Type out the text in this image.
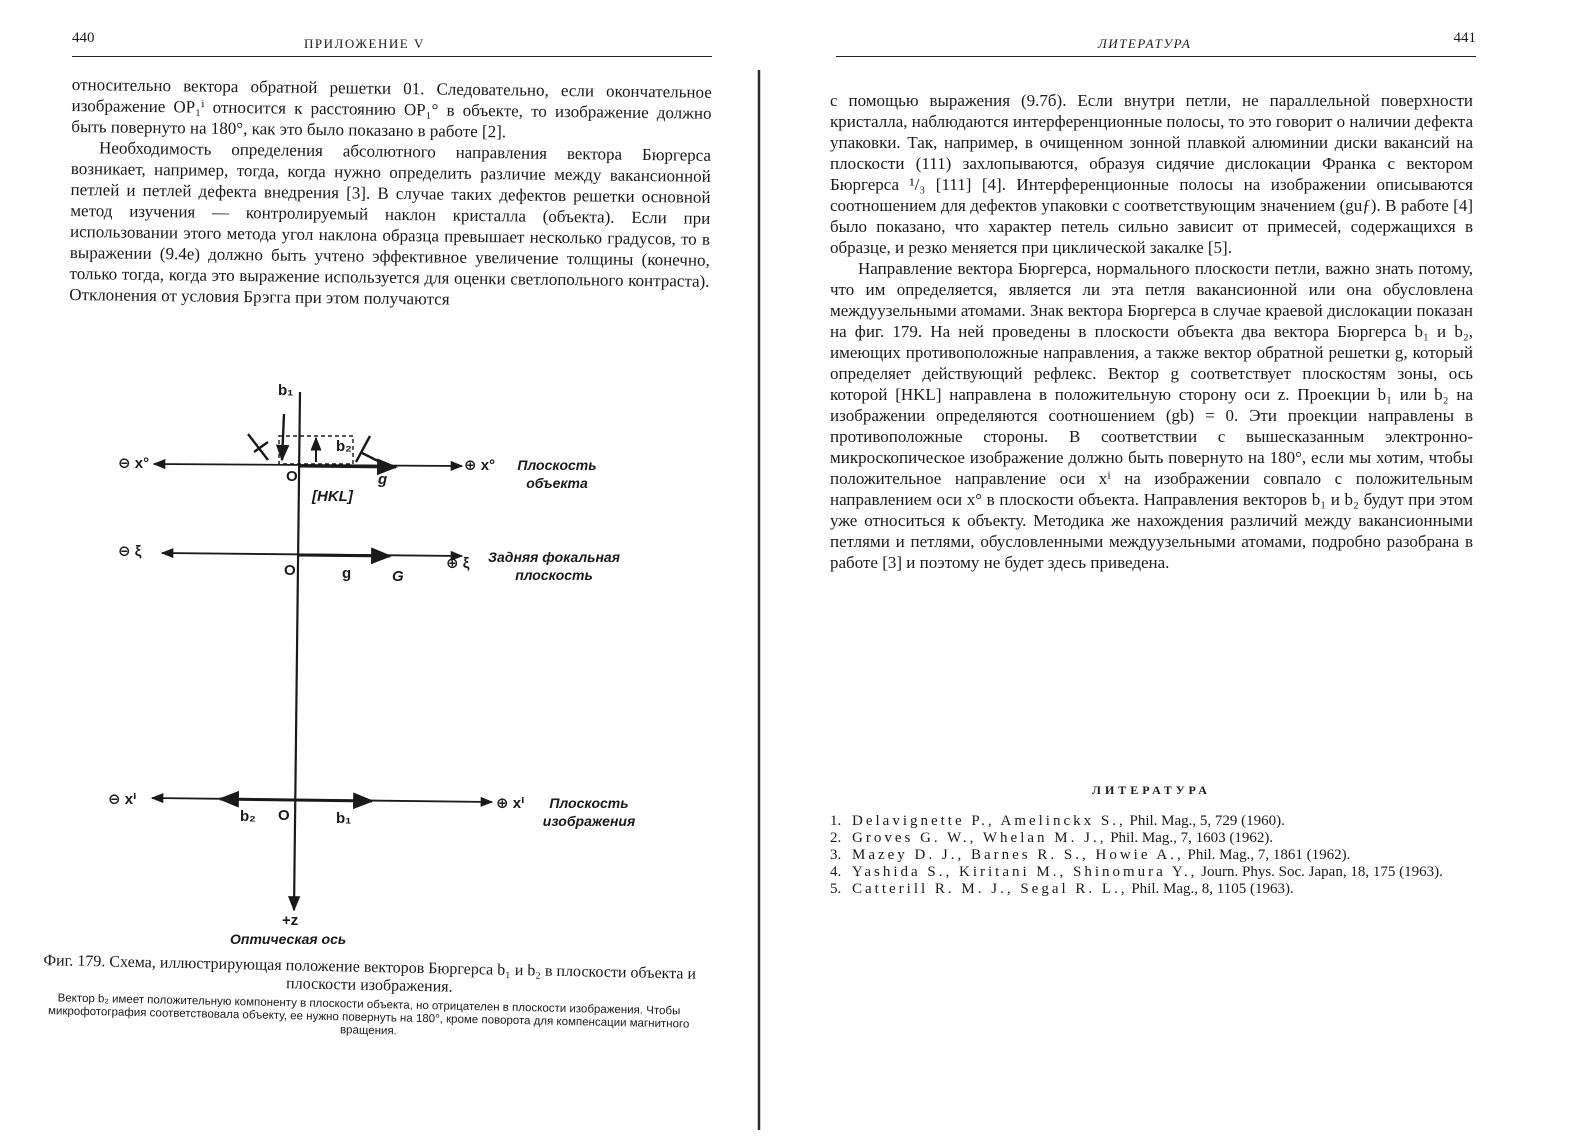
440	ПРИЛОЖЕНИЕ V

относительно вектора обратной решетки 01. Следовательно, если окончательное изображение OP₁ⁱ относится к расстоянию OP₁° в объекте, то изображение должно быть повернуто на 180°, как это было показано в работе [2].

Необходимость определения абсолютного направления вектора Бюргерса возникает, например, тогда, когда нужно определить различие между вакансионной петлей и петлей дефекта внедрения [3]. В случае таких дефектов решетки основной метод изучения — контролируемый наклон кристалла (объекта). Если при использовании этого метода угол наклона образца превышает несколько градусов, то в выражении (9.4е) должно быть учтено эффективное увеличение толщины (конечно, только тогда, когда это выражение используется для оценки светлопольного контраста). Отклонения от условия Брэгга при этом получаются

b₁
b₂
⊖ x°	⊕ x°	Плоскость объекта
O	g
[HKL]
⊖ ξ
⊕ ξ Задняя фокальная плоскость
O	g	G
⊖ xⁱ	⊕ xⁱ	Плоскость изображения
b₂ O	b₁
+z
Оптическая ось
Фиг. 179. Схема, иллюстрирующая положение векторов Бюргерса b₁ и b₂ в плоскости объекта и плоскости изображения.
Вектор b₂ имеет положительную компоненту в плоскости объекта, но отрицателен в плоскости изображения. Чтобы микрофотография соответствовала объекту, ее нужно повернуть на 180°, кроме поворота для компенсации магнитного вращения.
ЛИТЕРАТУРА	441

с помощью выражения (9.7б). Если внутри петли, не параллельной поверхности кристалла, наблюдаются интерференционные полосы, то это говорит о наличии дефекта упаковки. Так, например, в очищенном зонной плавкой алюминии диски вакансий на плоскости (111) захлопываются, образуя сидячие дислокации Франка с вектором Бюргерса ¹/₃ [111] [4]. Интерференционные полосы на изображении описываются соотношением для дефектов упаковки с соответствующим значением (guƒ). В работе [4] было показано, что характер петель сильно зависит от примесей, содержащихся в образце, и резко меняется при циклической закалке [5].

Направление вектора Бюргерса, нормального плоскости петли, важно знать потому, что им определяется, является ли эта петля вакансионной или она обусловлена междуузельными атомами. Знак вектора Бюргерса в случае краевой дислокации показан на фиг. 179. На ней проведены в плоскости объекта два вектора Бюргерса b₁ и b₂, имеющих противоположные направления, а также вектор обратной решетки g, который определяет действующий рефлекс. Вектор g соответствует плоскостям зоны, ось которой [HKL] направлена в положительную сторону оси z. Проекции b₁ или b₂ на изображении определяются соотношением (gb) = 0. Эти проекции направлены в противоположные стороны. В соответствии с вышесказанным электронно-микроскопическое изображение должно быть повернуто на 180°, если мы хотим, чтобы положительное направление оси xⁱ на изображении совпало с положительным направлением оси x° в плоскости объекта. Направления векторов b₁ и b₂ будут при этом уже относиться к объекту. Методика же нахождения различий между вакансионными петлями и петлями, обусловленными междуузельными атомами, подробно разобрана в работе [3] и поэтому не будет здесь приведена.

ЛИТЕРАТУРА
1. Delavignette P., Amelinckx S., Phil. Mag., 5, 729 (1960).
2. Groves G. W., Whelan M. J., Phil. Mag., 7, 1603 (1962).
3. Mazey D. J., Barnes R. S., Howie A., Phil. Mag., 7, 1861 (1962).
4. Yashida S., Kiritani M., Shinomura Y., Journ. Phys. Soc. Japan, 18, 175 (1963).
5. Catterill R. M. J., Segal R. L., Phil. Mag., 8, 1105 (1963).
